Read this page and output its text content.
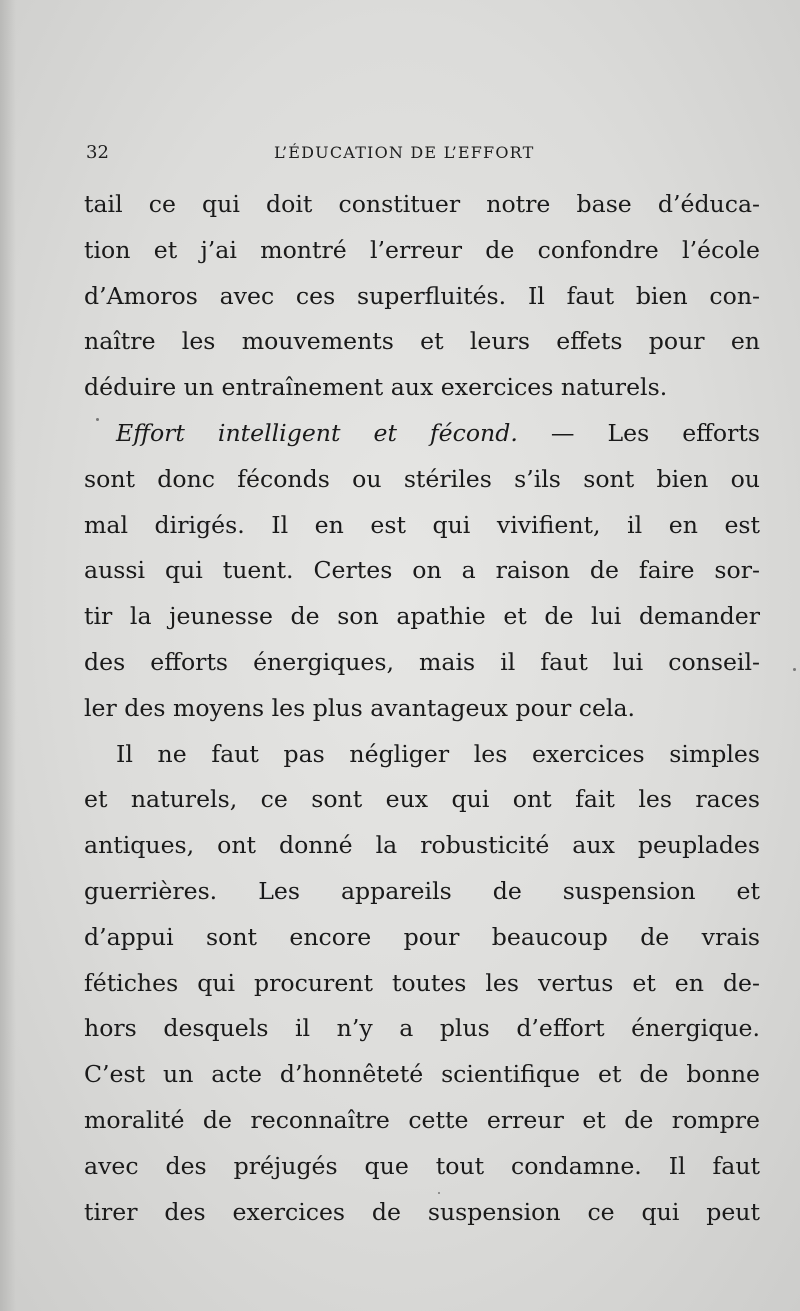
32	L’ÉDUCATION DE L’EFFORT
tail ce qui doit constituer notre base d’éduca-
tion et j’ai montré l’erreur de confondre l’école
d’Amoros avec ces superfluités. Il faut bien con-
naître les mouvements et leurs effets pour en
déduire un entraînement aux exercices naturels.
Effort intelligent et fécond. — Les efforts
sont donc féconds ou stériles s’ils sont bien ou
mal dirigés. Il en est qui vivifient, il en est
aussi qui tuent. Certes on a raison de faire sor-
tir la jeunesse de son apathie et de lui demander
des efforts énergiques, mais il faut lui conseil-
ler des moyens les plus avantageux pour cela.
Il ne faut pas négliger les exercices simples
et naturels, ce sont eux qui ont fait les races
antiques, ont donné la robusticité aux peuplades
guerrières. Les appareils de suspension et
d’appui sont encore pour beaucoup de vrais
fétiches qui procurent toutes les vertus et en de-
hors desquels il n’y a plus d’effort énergique.
C’est un acte d’honnêteté scientifique et de bonne
moralité de reconnaître cette erreur et de rompre
avec des préjugés que tout condamne. Il faut
tirer des exercices de suspension ce qui peut
